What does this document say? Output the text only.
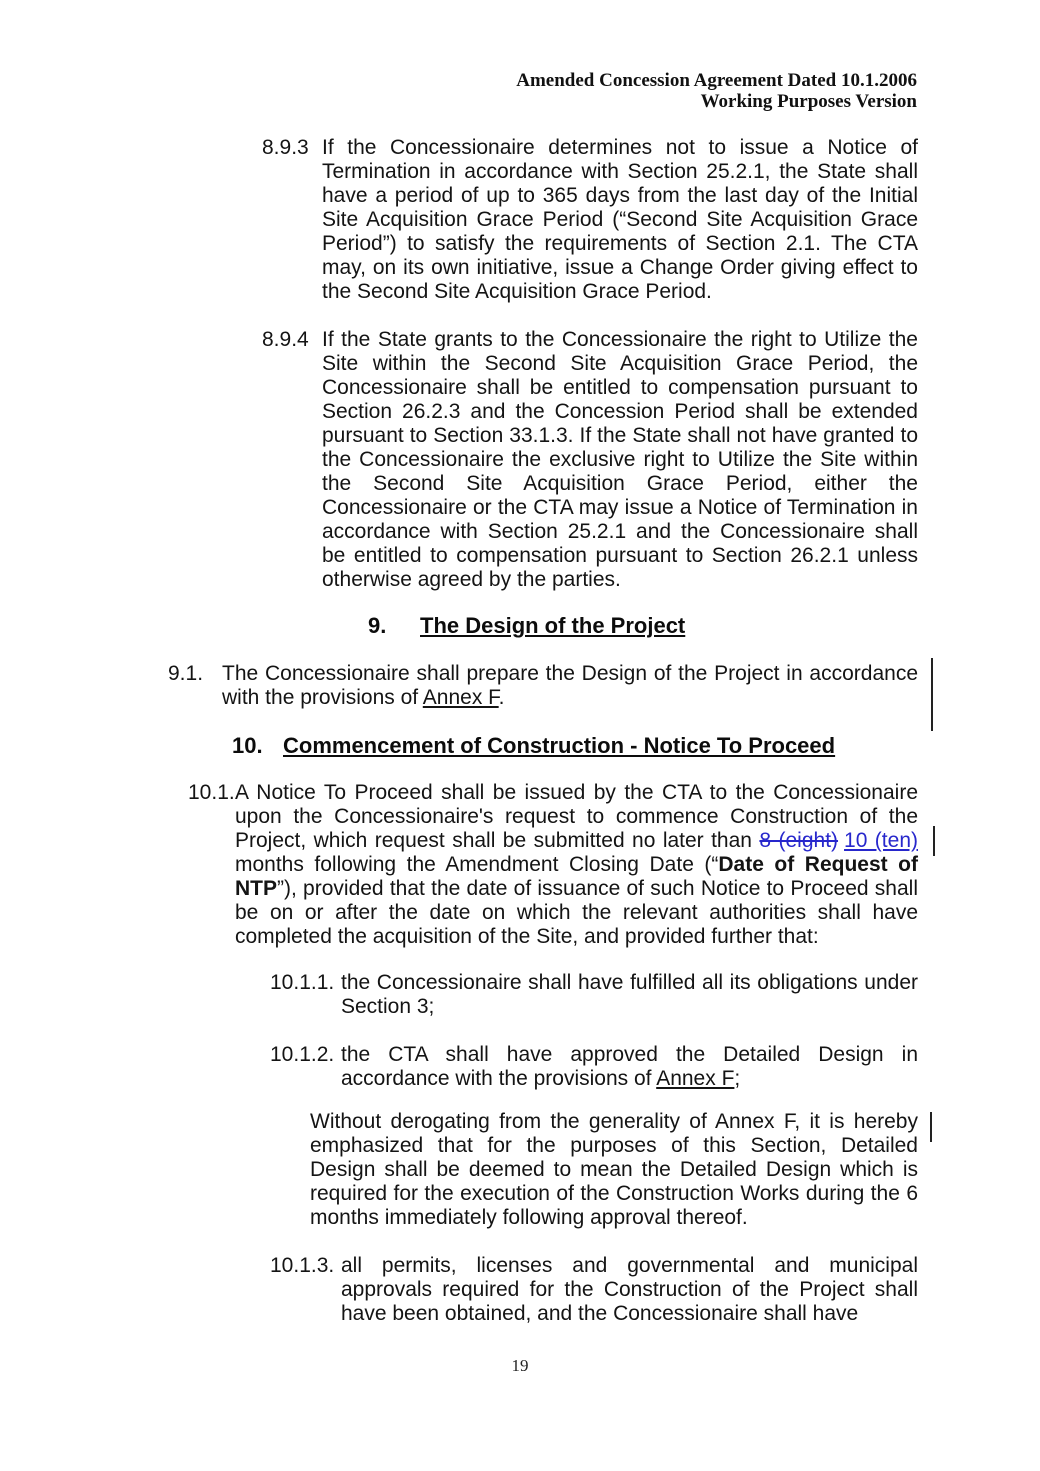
Amended Concession Agreement Dated 10.1.2006
Working Purposes Version
8.9.3 If the Concessionaire determines not to issue a Notice of Termination in accordance with Section 25.2.1, the State shall have a period of up to 365 days from the last day of the Initial Site Acquisition Grace Period (“Second Site Acquisition Grace Period”) to satisfy the requirements of Section 2.1. The CTA may, on its own initiative, issue a Change Order giving effect to the Second Site Acquisition Grace Period.
8.9.4 If the State grants to the Concessionaire the right to Utilize the Site within the Second Site Acquisition Grace Period, the Concessionaire shall be entitled to compensation pursuant to Section 26.2.3 and the Concession Period shall be extended pursuant to Section 33.1.3. If the State shall not have granted to the Concessionaire the exclusive right to Utilize the Site within the Second Site Acquisition Grace Period, either the Concessionaire or the CTA may issue a Notice of Termination in accordance with Section 25.2.1 and the Concessionaire shall be entitled to compensation pursuant to Section 26.2.1 unless otherwise agreed by the parties.
9.	The Design of the Project
9.1. The Concessionaire shall prepare the Design of the Project in accordance with the provisions of Annex F.
10. Commencement of Construction - Notice To Proceed
10.1. A Notice To Proceed shall be issued by the CTA to the Concessionaire upon the Concessionaire's request to commence Construction of the Project, which request shall be submitted no later than 8 (eight) 10 (ten) months following the Amendment Closing Date (“Date of Request of NTP”), provided that the date of issuance of such Notice to Proceed shall be on or after the date on which the relevant authorities shall have completed the acquisition of the Site, and provided further that:
10.1.1. the Concessionaire shall have fulfilled all its obligations under Section 3;
10.1.2. the CTA shall have approved the Detailed Design in accordance with the provisions of Annex F;
Without derogating from the generality of Annex F, it is hereby emphasized that for the purposes of this Section, Detailed Design shall be deemed to mean the Detailed Design which is required for the execution of the Construction Works during the 6 months immediately following approval thereof.
10.1.3. all permits, licenses and governmental and municipal approvals required for the Construction of the Project shall have been obtained, and the Concessionaire shall have
19
